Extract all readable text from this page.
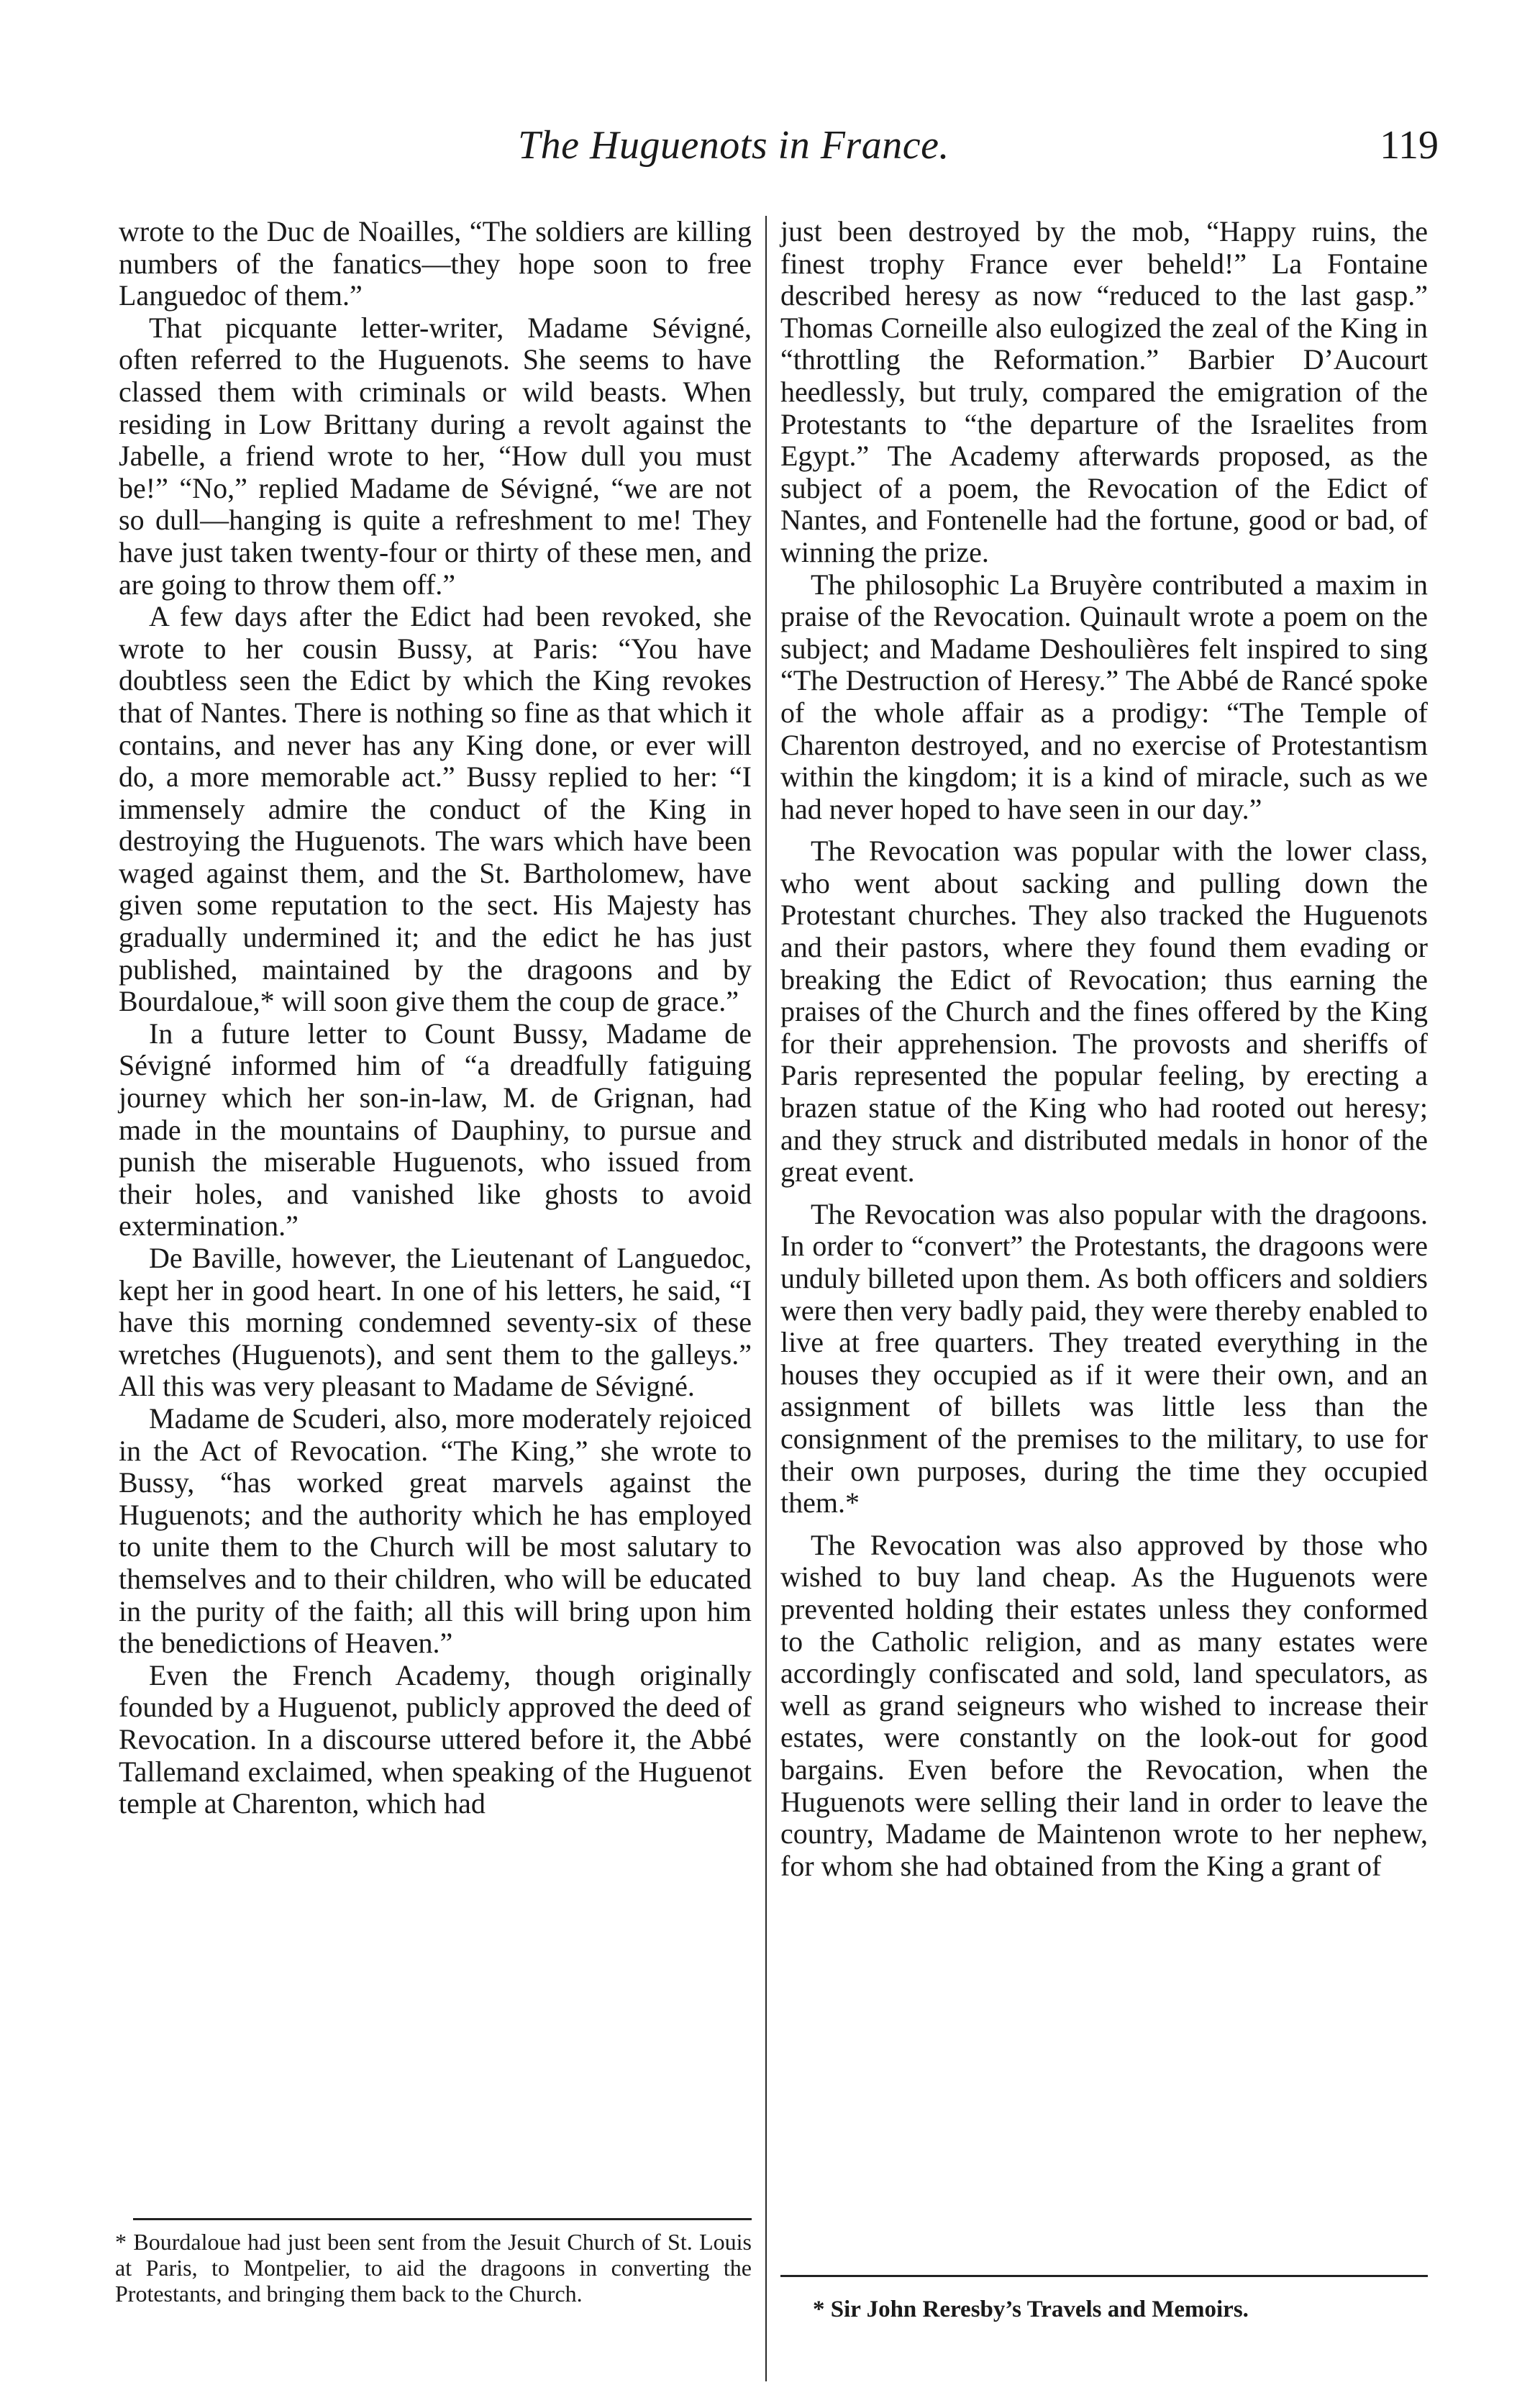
The Huguenots in France.	119

wrote to the Duc de Noailles, “The soldiers are killing numbers of the fanatics—they hope soon to free Languedoc of them.”

That picquante letter-writer, Madame Sévigné, often referred to the Huguenots. She seems to have classed them with criminals or wild beasts. When residing in Low Brittany during a revolt against the Jabelle, a friend wrote to her, “How dull you must be!” “No,” replied Madame de Sévigné, “we are not so dull—hanging is quite a refreshment to me! They have just taken twenty-four or thirty of these men, and are going to throw them off.”

A few days after the Edict had been revoked, she wrote to her cousin Bussy, at Paris: “You have doubtless seen the Edict by which the King revokes that of Nantes. There is nothing so fine as that which it contains, and never has any King done, or ever will do, a more memorable act.” Bussy replied to her: “I immensely admire the conduct of the King in destroying the Huguenots. The wars which have been waged against them, and the St. Bartholomew, have given some reputation to the sect. His Majesty has gradually undermined it; and the edict he has just published, maintained by the dragoons and by Bourdaloue,* will soon give them the coup de grace.”

In a future letter to Count Bussy, Madame de Sévigné informed him of “a dreadfully fatiguing journey which her son-in-law, M. de Grignan, had made in the mountains of Dauphiny, to pursue and punish the miserable Huguenots, who issued from their holes, and vanished like ghosts to avoid extermination.”

De Baville, however, the Lieutenant of Languedoc, kept her in good heart. In one of his letters, he said, “I have this morning condemned seventy-six of these wretches (Huguenots), and sent them to the galleys.” All this was very pleasant to Madame de Sévigné.

Madame de Scuderi, also, more moderately rejoiced in the Act of Revocation. “The King,” she wrote to Bussy, “has worked great marvels against the Huguenots; and the authority which he has employed to unite them to the Church will be most salutary to themselves and to their children, who will be educated in the purity of the faith; all this will bring upon him the benedictions of Heaven.”

Even the French Academy, though originally founded by a Huguenot, publicly approved the deed of Revocation. In a discourse uttered before it, the Abbé Tallemand exclaimed, when speaking of the Huguenot temple at Charenton, which had

just been destroyed by the mob, “Happy ruins, the finest trophy France ever beheld!” La Fontaine described heresy as now “reduced to the last gasp.” Thomas Corneille also eulogized the zeal of the King in “throttling the Reformation.” Barbier D’Aucourt heedlessly, but truly, compared the emigration of the Protestants to “the departure of the Israelites from Egypt.” The Academy afterwards proposed, as the subject of a poem, the Revocation of the Edict of Nantes, and Fontenelle had the fortune, good or bad, of winning the prize.

The philosophic La Bruyère contributed a maxim in praise of the Revocation. Quinault wrote a poem on the subject; and Madame Deshoulières felt inspired to sing “The Destruction of Heresy.” The Abbé de Rancé spoke of the whole affair as a prodigy: “The Temple of Charenton destroyed, and no exercise of Protestantism within the kingdom; it is a kind of miracle, such as we had never hoped to have seen in our day.”

The Revocation was popular with the lower class, who went about sacking and pulling down the Protestant churches. They also tracked the Huguenots and their pastors, where they found them evading or breaking the Edict of Revocation; thus earning the praises of the Church and the fines offered by the King for their apprehension. The provosts and sheriffs of Paris represented the popular feeling, by erecting a brazen statue of the King who had rooted out heresy; and they struck and distributed medals in honor of the great event.

The Revocation was also popular with the dragoons. In order to “convert” the Protestants, the dragoons were unduly billeted upon them. As both officers and soldiers were then very badly paid, they were thereby enabled to live at free quarters. They treated everything in the houses they occupied as if it were their own, and an assignment of billets was little less than the consignment of the premises to the military, to use for their own purposes, during the time they occupied them.*

The Revocation was also approved by those who wished to buy land cheap. As the Huguenots were prevented holding their estates unless they conformed to the Catholic religion, and as many estates were accordingly confiscated and sold, land speculators, as well as grand seigneurs who wished to increase their estates, were constantly on the look-out for good bargains. Even before the Revocation, when the Huguenots were selling their land in order to leave the country, Madame de Maintenon wrote to her nephew, for whom she had obtained from the King a grant of

* Bourdaloue had just been sent from the Jesuit Church of St. Louis at Paris, to Montpelier, to aid the dragoons in converting the Protestants, and bringing them back to the Church.
* Sir John Reresby’s Travels and Memoirs.
